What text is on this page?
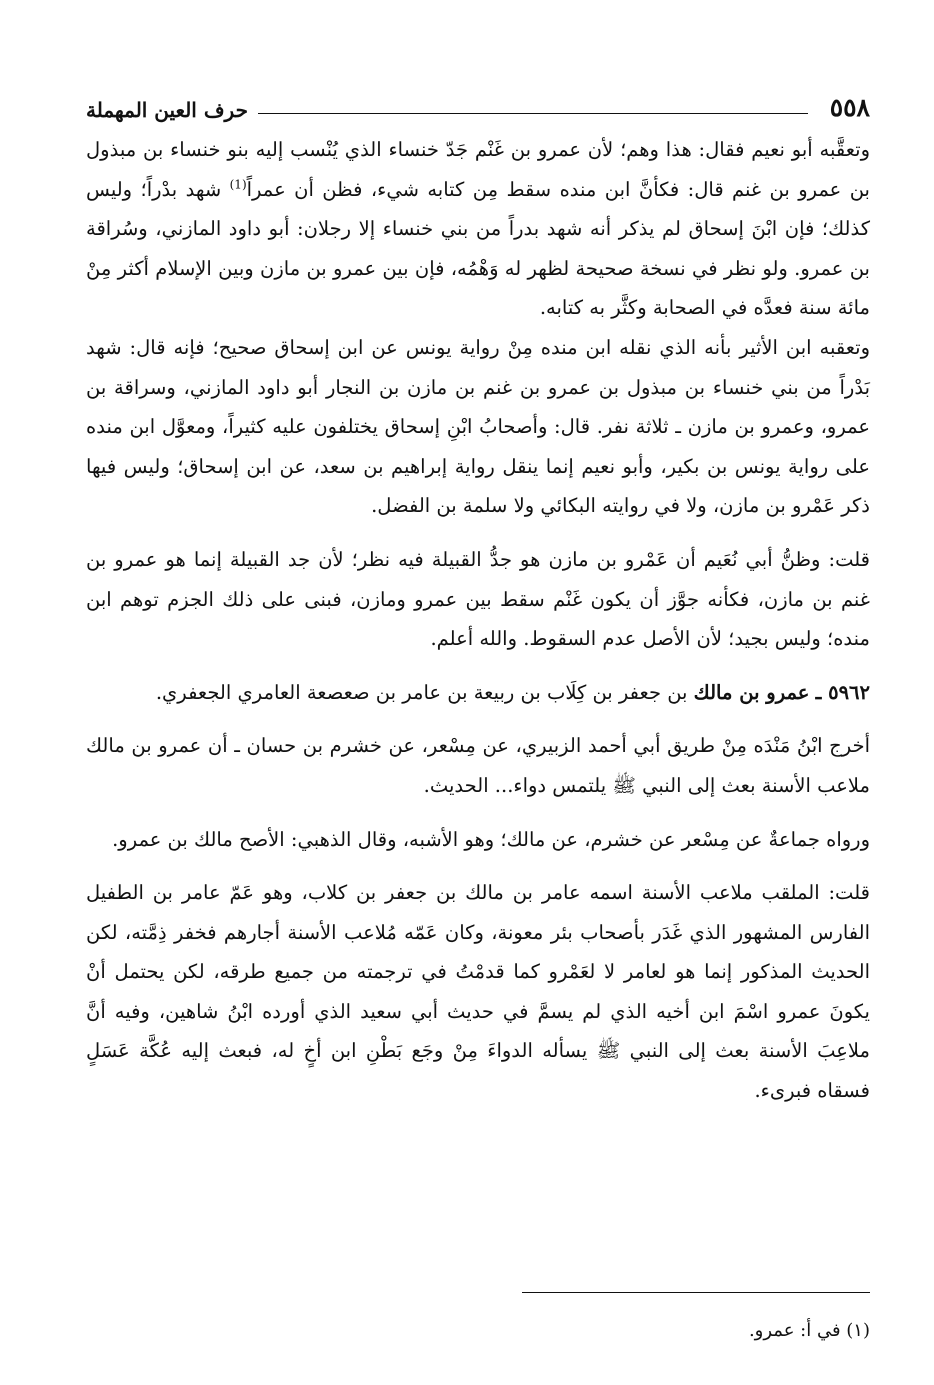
٥٥٨
حرف العين المهملة

وتعقَّبه أبو نعيم فقال: هذا وهم؛ لأن عمرو بن غَنْم جَدّ خنساء الذي يُنْسب إليه بنو خنساء بن مبذول بن عمرو بن غنم قال: فكأنَّ ابن منده سقط مِن كتابه شيء، فظن أن عمراً$^{(1)}$ شهد بدْراً؛ وليس كذلك؛ فإن ابْنَ إسحاق لم يذكر أنه شهد بدراً من بني خنساء إلا رجلان: أبو داود المازني، وسُراقة بن عمرو. ولو نظر في نسخة صحيحة لظهر له وَهْمُه، فإن بين عمرو بن مازن وبين الإسلام أكثر مِنْ مائة سنة فعدَّه في الصحابة وكثَّر به كتابه.

وتعقبه ابن الأثير بأنه الذي نقله ابن منده مِنْ رواية يونس عن ابن إسحاق صحيح؛ فإنه قال: شهد بَدْراً من بني خنساء بن مبذول بن عمرو بن غنم بن مازن بن النجار أبو داود المازني، وسراقة بن عمرو، وعمرو بن مازن ـ ثلاثة نفر. قال: وأصحابُ ابْنِ إسحاق يختلفون عليه كثيراً، ومعوَّل ابن منده على رواية يونس بن بكير، وأبو نعيم إنما ينقل رواية إبراهيم بن سعد، عن ابن إسحاق؛ وليس فيها ذكر عَمْرو بن مازن، ولا في روايته البكائي ولا سلمة بن الفضل.

قلت: وظنُّ أبي نُعَيم أن عَمْرو بن مازن هو جدُّ القبيلة فيه نظر؛ لأن جد القبيلة إنما هو عمرو بن غنم بن مازن، فكأنه جوَّز أن يكون غَنْم سقط بين عمرو ومازن، فبنى على ذلك الجزم توهم ابن منده؛ وليس بجيد؛ لأن الأصل عدم السقوط. والله أعلم.

٥٩٦٢ ـ عمرو بن مالك بن جعفر بن كِلَاب بن ربيعة بن عامر بن صعصعة العامري الجعفري.

أخرج ابْنُ مَنْدَه مِنْ طريق أبي أحمد الزبيري، عن مِسْعر، عن خشرم بن حسان ـ أن عمرو بن مالك ملاعب الأسنة بعث إلى النبي ﷺ يلتمس دواء... الحديث.

ورواه جماعةٌ عن مِسْعر عن خشرم، عن مالك؛ وهو الأشبه، وقال الذهبي: الأصح مالك بن عمرو.

قلت: الملقب ملاعب الأسنة اسمه عامر بن مالك بن جعفر بن كلاب، وهو عَمّ عامر بن الطفيل الفارس المشهور الذي غَدَر بأصحاب بئر معونة، وكان عَمّه مُلاعب الأسنة أجارهم فخفر ذِمَّته، لكن الحديث المذكور إنما هو لعامر لا لعَمْرو كما قدمْتُ في ترجمته من جميع طرقه، لكن يحتمل أنْ يكونَ عمرو اسْمَ ابن أخيه الذي لم يسمَّ في حديث أبي سعيد الذي أورده ابْنُ شاهين، وفيه أنَّ ملاعِبَ الأسنة بعث إلى النبي ﷺ يسأله الدواءَ مِنْ وجَع بَطْنِ ابن أخٍ له، فبعث إليه عُكَّة عَسَلٍ فسقاه فبرىء.

(١) في أ: عمرو.
